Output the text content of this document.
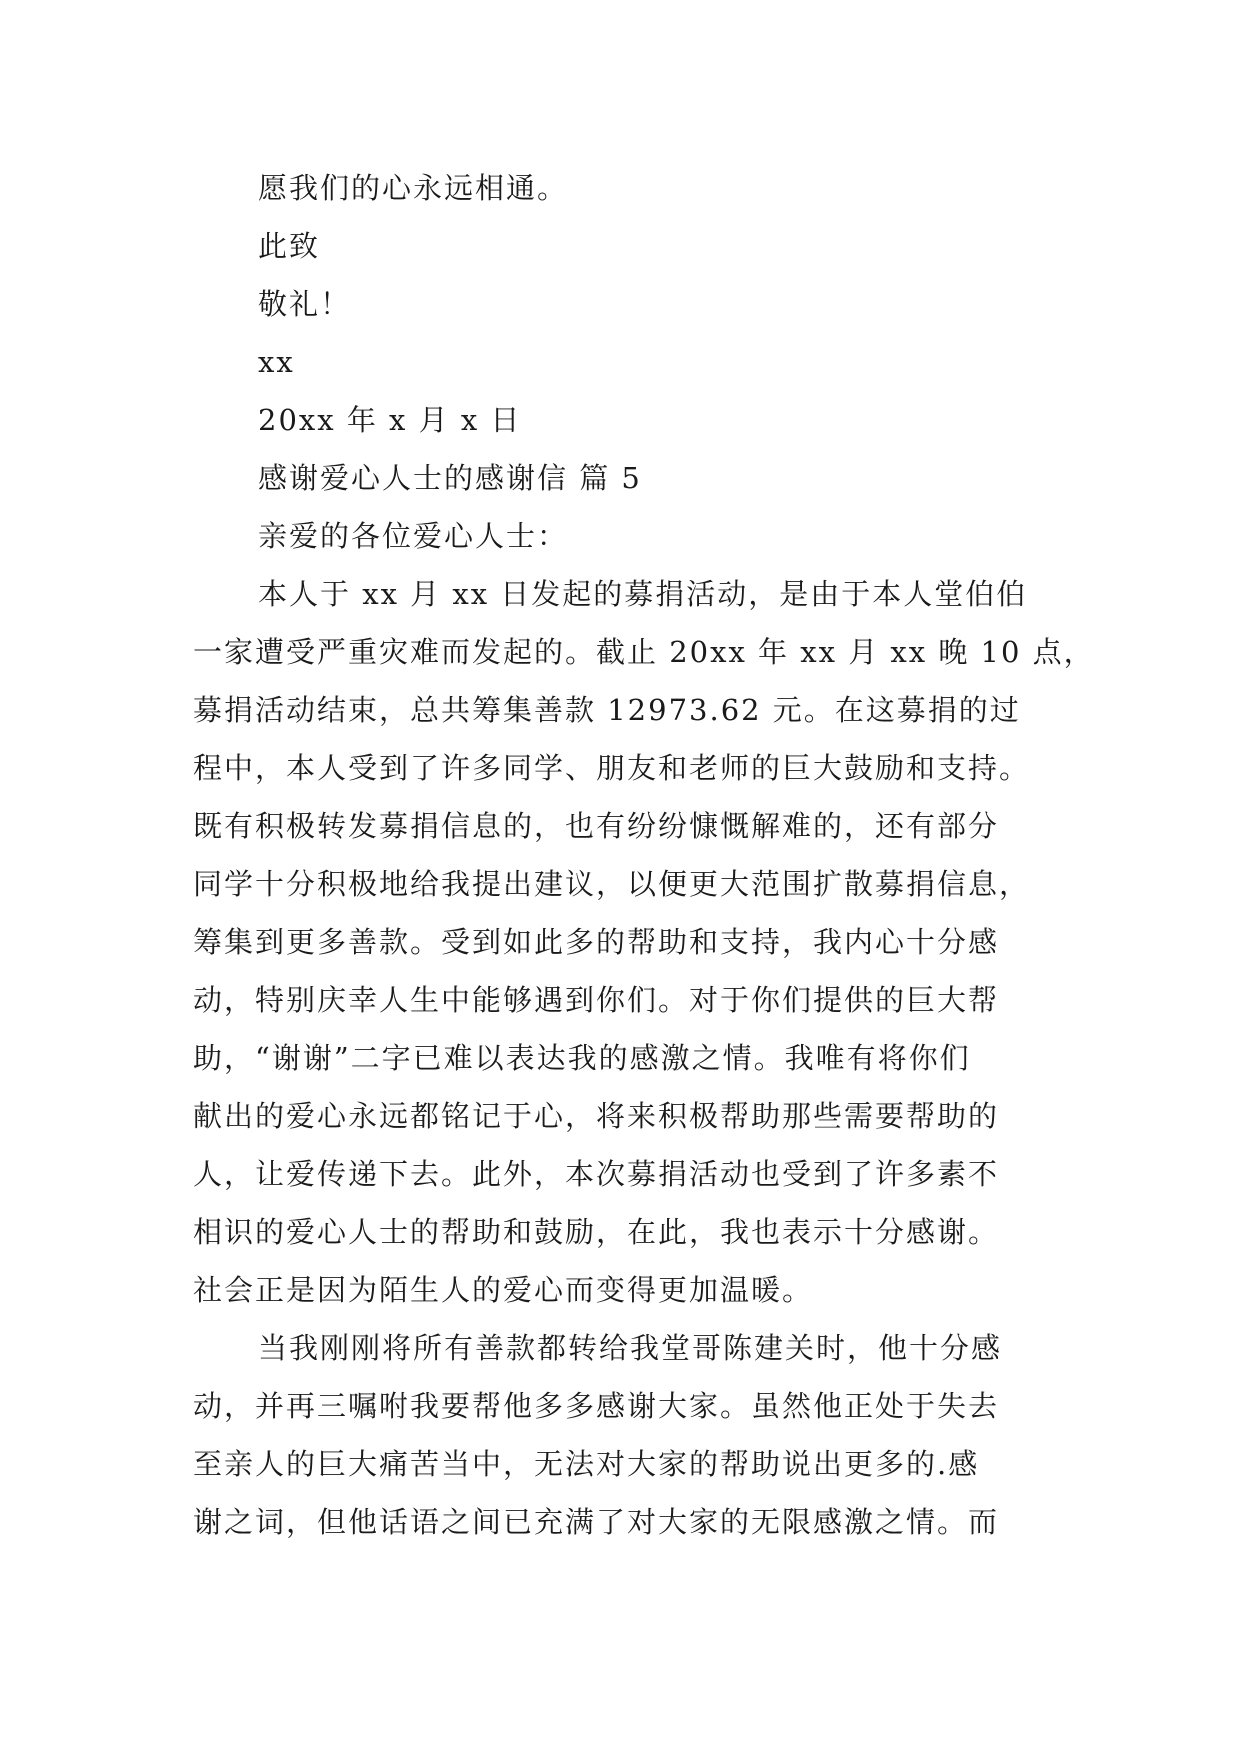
愿我们的心永远相通。
此致
敬礼！
xx
20xx 年 x 月 x 日
感谢爱心人士的感谢信 篇 5
亲爱的各位爱心人士：
本人于 xx 月 xx 日发起的募捐活动，是由于本人堂伯伯
一家遭受严重灾难而发起的。截止 20xx 年 xx 月 xx 晚 10 点，
募捐活动结束，总共筹集善款 12973.62 元。在这募捐的过
程中，本人受到了许多同学、朋友和老师的巨大鼓励和支持。
既有积极转发募捐信息的，也有纷纷慷慨解难的，还有部分
同学十分积极地给我提出建议，以便更大范围扩散募捐信息，
筹集到更多善款。受到如此多的帮助和支持，我内心十分感
动，特别庆幸人生中能够遇到你们。对于你们提供的巨大帮
助，“谢谢”二字已难以表达我的感激之情。我唯有将你们
献出的爱心永远都铭记于心，将来积极帮助那些需要帮助的
人，让爱传递下去。此外，本次募捐活动也受到了许多素不
相识的爱心人士的帮助和鼓励，在此，我也表示十分感谢。
社会正是因为陌生人的爱心而变得更加温暖。
当我刚刚将所有善款都转给我堂哥陈建关时，他十分感
动，并再三嘱咐我要帮他多多感谢大家。虽然他正处于失去
至亲人的巨大痛苦当中，无法对大家的帮助说出更多的.感
谢之词，但他话语之间已充满了对大家的无限感激之情。而
